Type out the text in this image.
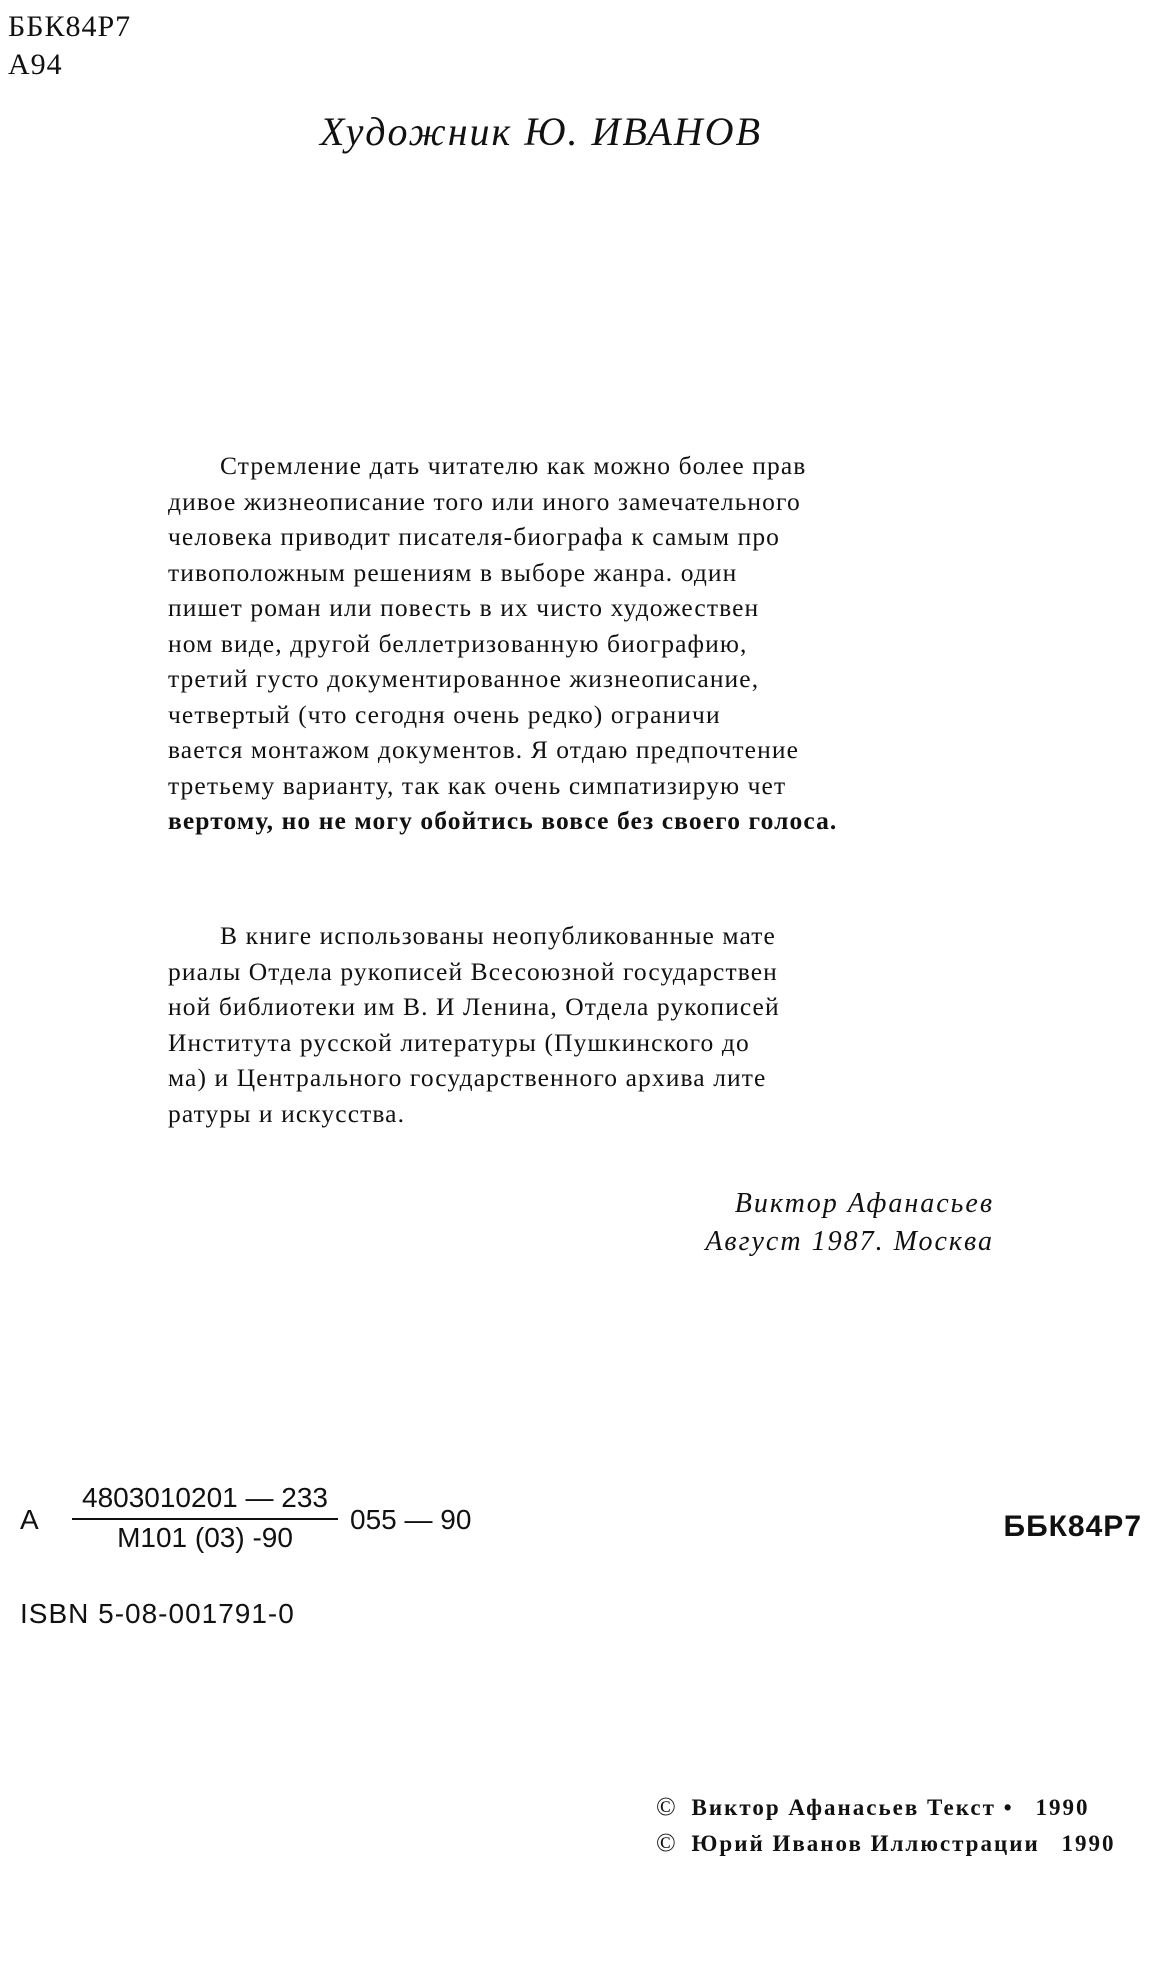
ББК84Р7
А94
Художник Ю. ИВАНОВ
Стремление дать читателю как можно более прав
дивое жизнеописание того или иного замечательного
человека приводит писателя-биографа к самым про
тивоположным решениям в выборе жанра. один
пишет роман или повесть в их чисто художествен
ном виде, другой беллетризованную биографию,
третий густо документированное жизнеописание,
четвертый (что сегодня очень редко) ограничи
вается монтажом документов. Я отдаю предпочтение
третьему варианту, так как очень симпатизирую чет
вертому, но не могу обойтись вовсе без своего голоса.
В книге использованы неопубликованные мате
риалы Отдела рукописей Всесоюзной государствен
ной библиотеки им В. И Ленина, Отдела рукописей
Института русской литературы (Пушкинского до
ма) и Центрального государственного архива лите
ратуры и искусства.
Виктор Афанасьев
Август 1987. Москва
А
4803010201 — 233
М101 (03) -90
055 — 90	ББК84Р7
ISBN 5-08-001791-0
© Виктор Афанасьев Текст • 1990
© Юрий Иванов Иллюстрации 1990
